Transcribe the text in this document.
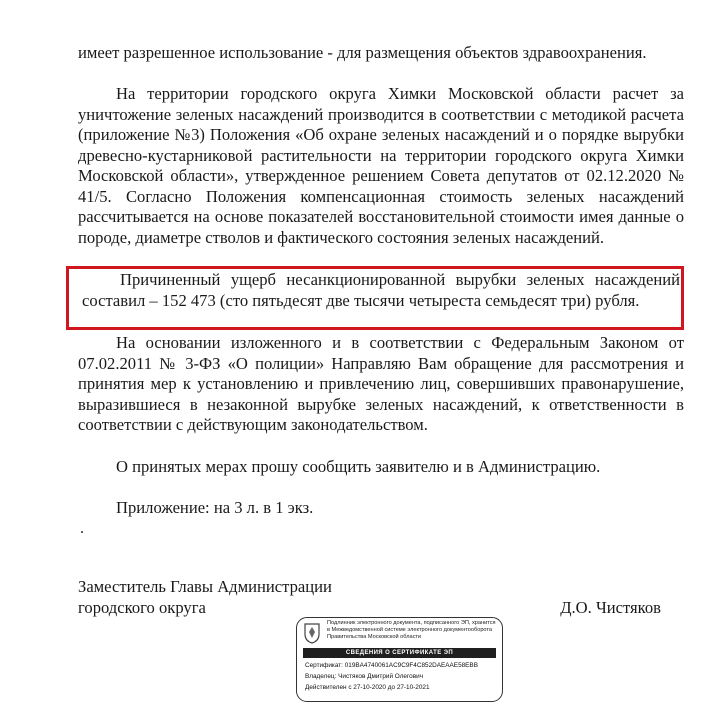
имеет разрешенное использование - для размещения объектов здравоохранения.

На территории городского округа Химки Московской области расчет за уничтожение зеленых насаждений производится в соответствии с методикой расчета (приложение №3) Положения «Об охране зеленых насаждений и о порядке вырубки древесно-кустарниковой растительности на территории городского округа Химки Московской области», утвержденное решением Совета депутатов от 02.12.2020 № 41/5. Согласно Положения компенсационная стоимость зеленых насаждений рассчитывается на основе показателей восстановительной стоимости имея данные о породе, диаметре стволов и фактического состояния зеленых насаждений.

Причиненный ущерб несанкционированной вырубки зеленых насаждений составил – 152 473 (сто пятьдесят две тысячи четыреста семьдесят три) рубля.

На основании изложенного и в соответствии с Федеральным Законом от 07.02.2011 № 3-ФЗ «О полиции» Направляю Вам обращение для рассмотрения и принятия мер к установлению и привлечению лиц, совершивших правонарушение, выразившиеся в незаконной вырубке зеленых насаждений, к ответственности в соответствии с действующим законодательством.

О принятых мерах прошу сообщить заявителю и в Администрацию.

Приложение: на 3 л. в 1 экз.

.
Заместитель Главы Администрации
городского округа	Д.О. Чистяков
Подлинник электронного документа, подписанного ЭП, хранится в Межведомственной системе электронного документооборота Правительства Московской области
СВЕДЕНИЯ О СЕРТИФИКАТЕ ЭП
Сертификат: 019BA4740061AC9C9F4C852DAEAAE58EBB
Владелец: Чистяков Дмитрий Олегович
Действителен с 27-10-2020 до 27-10-2021
